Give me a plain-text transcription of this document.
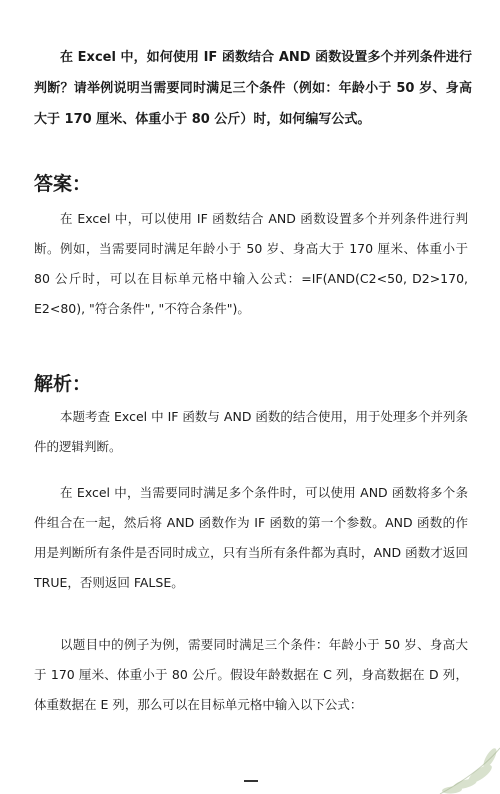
在 Excel 中，如何使用 IF 函数结合 AND 函数设置多个并列条件进行判断？请举例说明当需要同时满足三个条件（例如：年龄小于 50 岁、身高大于 170 厘米、体重小于 80 公斤）时，如何编写公式。
答案：
在 Excel 中，可以使用 IF 函数结合 AND 函数设置多个并列条件进行判断。例如，当需要同时满足年龄小于 50 岁、身高大于 170 厘米、体重小于 80 公斤时，可以在目标单元格中输入公式：=IF(AND(C2<50, D2>170, E2<80), "符合条件", "不符合条件")。
解析：
本题考查 Excel 中 IF 函数与 AND 函数的结合使用，用于处理多个并列条件的逻辑判断。
在 Excel 中，当需要同时满足多个条件时，可以使用 AND 函数将多个条件组合在一起，然后将 AND 函数作为 IF 函数的第一个参数。AND 函数的作用是判断所有条件是否同时成立，只有当所有条件都为真时，AND 函数才返回 TRUE，否则返回 FALSE。
以题目中的例子为例，需要同时满足三个条件：年龄小于 50 岁、身高大于 170 厘米、体重小于 80 公斤。假设年龄数据在 C 列，身高数据在 D 列，体重数据在 E 列，那么可以在目标单元格中输入以下公式：
